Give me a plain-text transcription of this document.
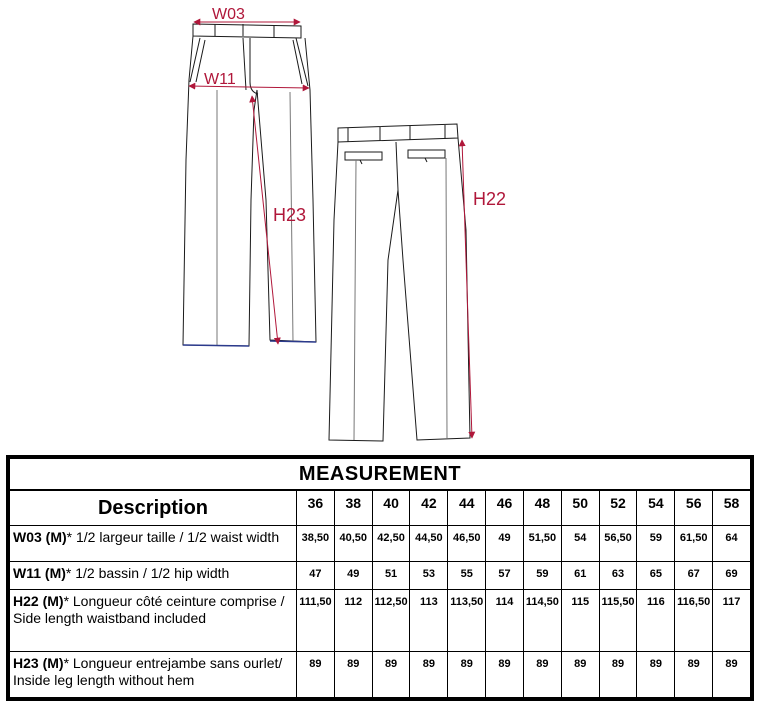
W03
W11
H23
H22
MEASUREMENT												
Description	36	38	40	42	44	46	48	50	52	54	56	58
W03 (M)* 1/2 largeur taille / 1/2 waist width	38,50	40,50	42,50	44,50	46,50	49	51,50	54	56,50	59	61,50	64
W11 (M)* 1/2 bassin / 1/2 hip width	47	49	51	53	55	57	59	61	63	65	67	69
H22 (M)* Longueur côté ceinture comprise / Side length waistband included	111,50	112	112,50	113	113,50	114	114,50	115	115,50	116	116,50	117
H23 (M)* Longueur entrejambe sans ourlet/ Inside leg length without hem	89	89	89	89	89	89	89	89	89	89	89	89
